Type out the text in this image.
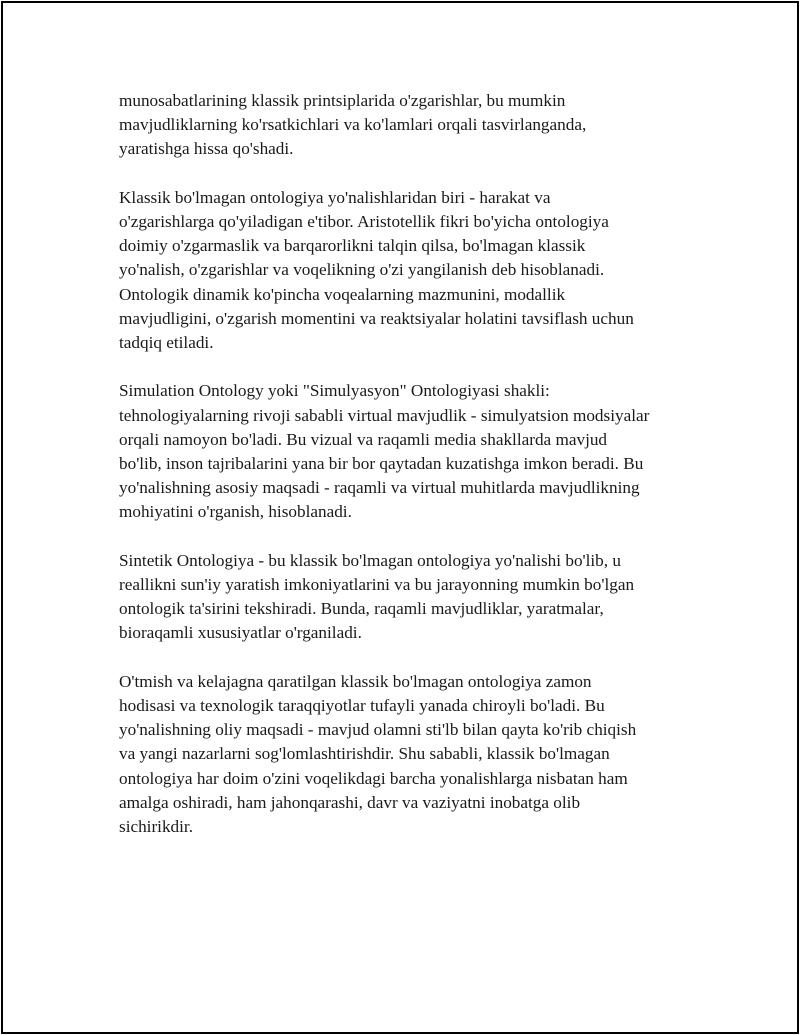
munosabatlarining klassik printsiplarida o'zgarishlar, bu mumkin
mavjudliklarning ko'rsatkichlari va ko'lamlari orqali tasvirlanganda,
yaratishga hissa qo'shadi.

Klassik bo'lmagan ontologiya yo'nalishlaridan biri - harakat va
o'zgarishlarga qo'yiladigan e'tibor. Aristotellik fikri bo'yicha ontologiya
doimiy o'zgarmaslik va barqarorlikni talqin qilsa, bo'lmagan klassik
yo'nalish, o'zgarishlar va voqelikning o'zi yangilanish deb hisoblanadi.
Ontologik dinamik ko'pincha voqealarning mazmunini, modallik
mavjudligini, o'zgarish momentini va reaktsiyalar holatini tavsiflash uchun
tadqiq etiladi.

Simulation Ontology yoki "Simulyasyon" Ontologiyasi shakli:
tehnologiyalarning rivoji sababli virtual mavjudlik - simulyatsion modsiyalar
orqali namoyon bo'ladi. Bu vizual va raqamli media shakllarda mavjud
bo'lib, inson tajribalarini yana bir bor qaytadan kuzatishga imkon beradi. Bu
yo'nalishning asosiy maqsadi - raqamli va virtual muhitlarda mavjudlikning
mohiyatini o'rganish, hisoblanadi.

Sintetik Ontologiya - bu klassik bo'lmagan ontologiya yo'nalishi bo'lib, u
reallikni sun'iy yaratish imkoniyatlarini va bu jarayonning mumkin bo'lgan
ontologik ta'sirini tekshiradi. Bunda, raqamli mavjudliklar, yaratmalar,
bioraqamli xususiyatlar o'rganiladi.

O'tmish va kelajagna qaratilgan klassik bo'lmagan ontologiya zamon
hodisasi va texnologik taraqqiyotlar tufayli yanada chiroyli bo'ladi. Bu
yo'nalishning oliy maqsadi - mavjud olamni sti'lb bilan qayta ko'rib chiqish
va yangi nazarlarni sog'lomlashtirishdir. Shu sababli, klassik bo'lmagan
ontologiya har doim o'zini voqelikdagi barcha yonalishlarga nisbatan ham
amalga oshiradi, ham jahonqarashi, davr va vaziyatni inobatga olib
sichirikdir.
